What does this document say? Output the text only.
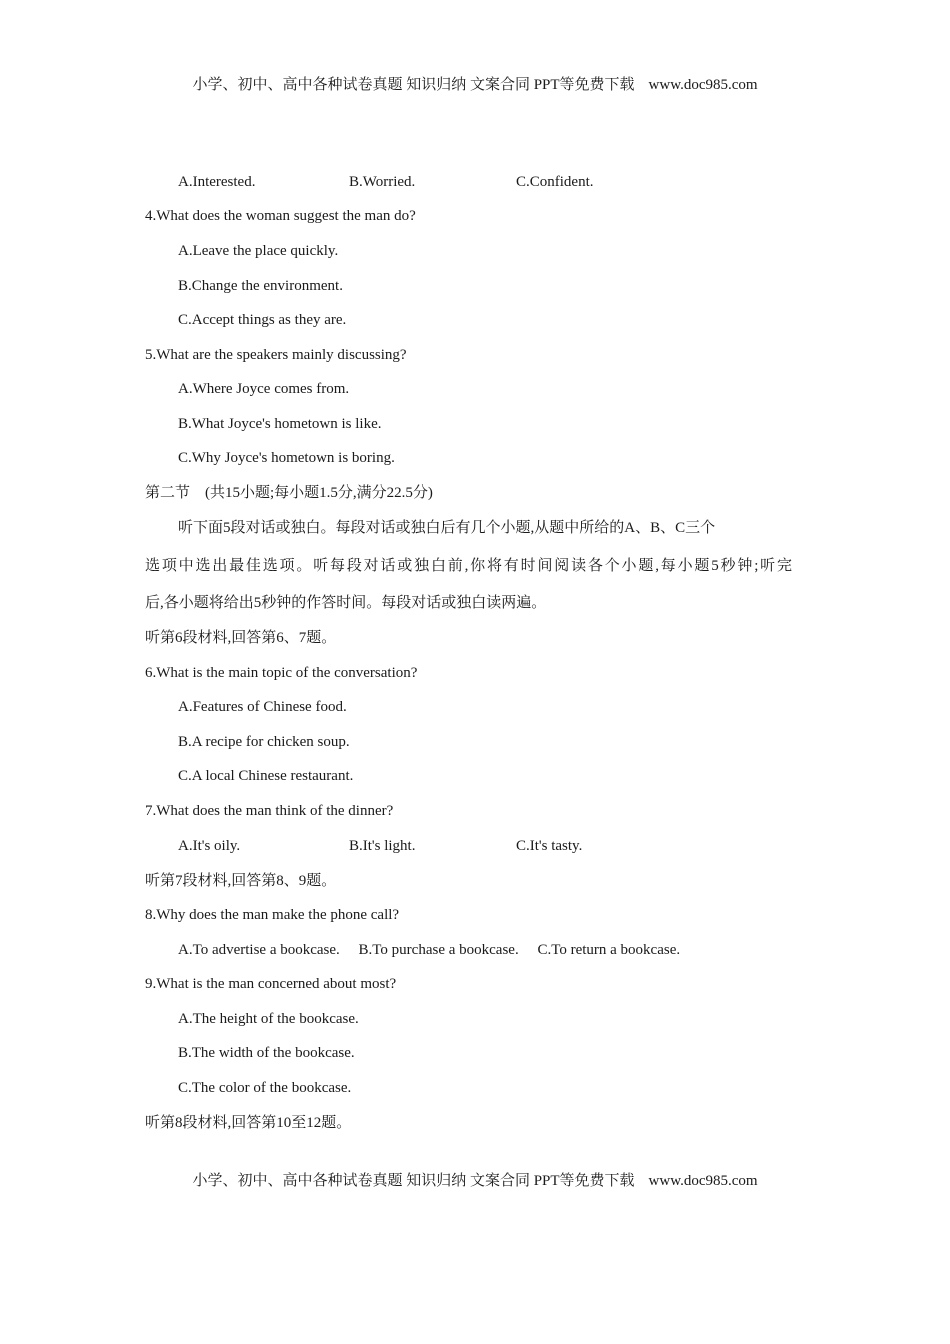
小学、初中、高中各种试卷真题 知识归纳 文案合同 PPT等免费下载 www.doc985.com
A.Interested.	B.Worried.	C.Confident.
4.What does the woman suggest the man do?
A.Leave the place quickly.
B.Change the environment.
C.Accept things as they are.
5.What are the speakers mainly discussing?
A.Where Joyce comes from.
B.What Joyce's hometown is like.
C.Why Joyce's hometown is boring.
第二节　(共15小题;每小题1.5分,满分22.5分)
听下面5段对话或独白。每段对话或独白后有几个小题,从题中所给的A、B、C三个
选项中选出最佳选项。听每段对话或独白前,你将有时间阅读各个小题,每小题5秒钟;听完
后,各小题将给出5秒钟的作答时间。每段对话或独白读两遍。
听第6段材料,回答第6、7题。
6.What is the main topic of the conversation?
A.Features of Chinese food.
B.A recipe for chicken soup.
C.A local Chinese restaurant.
7.What does the man think of the dinner?
A.It's oily.	B.It's light.	C.It's tasty.
听第7段材料,回答第8、9题。
8.Why does the man make the phone call?
A.To advertise a bookcase.　 B.To purchase a bookcase.　 C.To return a bookcase.
9.What is the man concerned about most?
A.The height of the bookcase.
B.The width of the bookcase.
C.The color of the bookcase.
听第8段材料,回答第10至12题。
小学、初中、高中各种试卷真题 知识归纳 文案合同 PPT等免费下载 www.doc985.com
